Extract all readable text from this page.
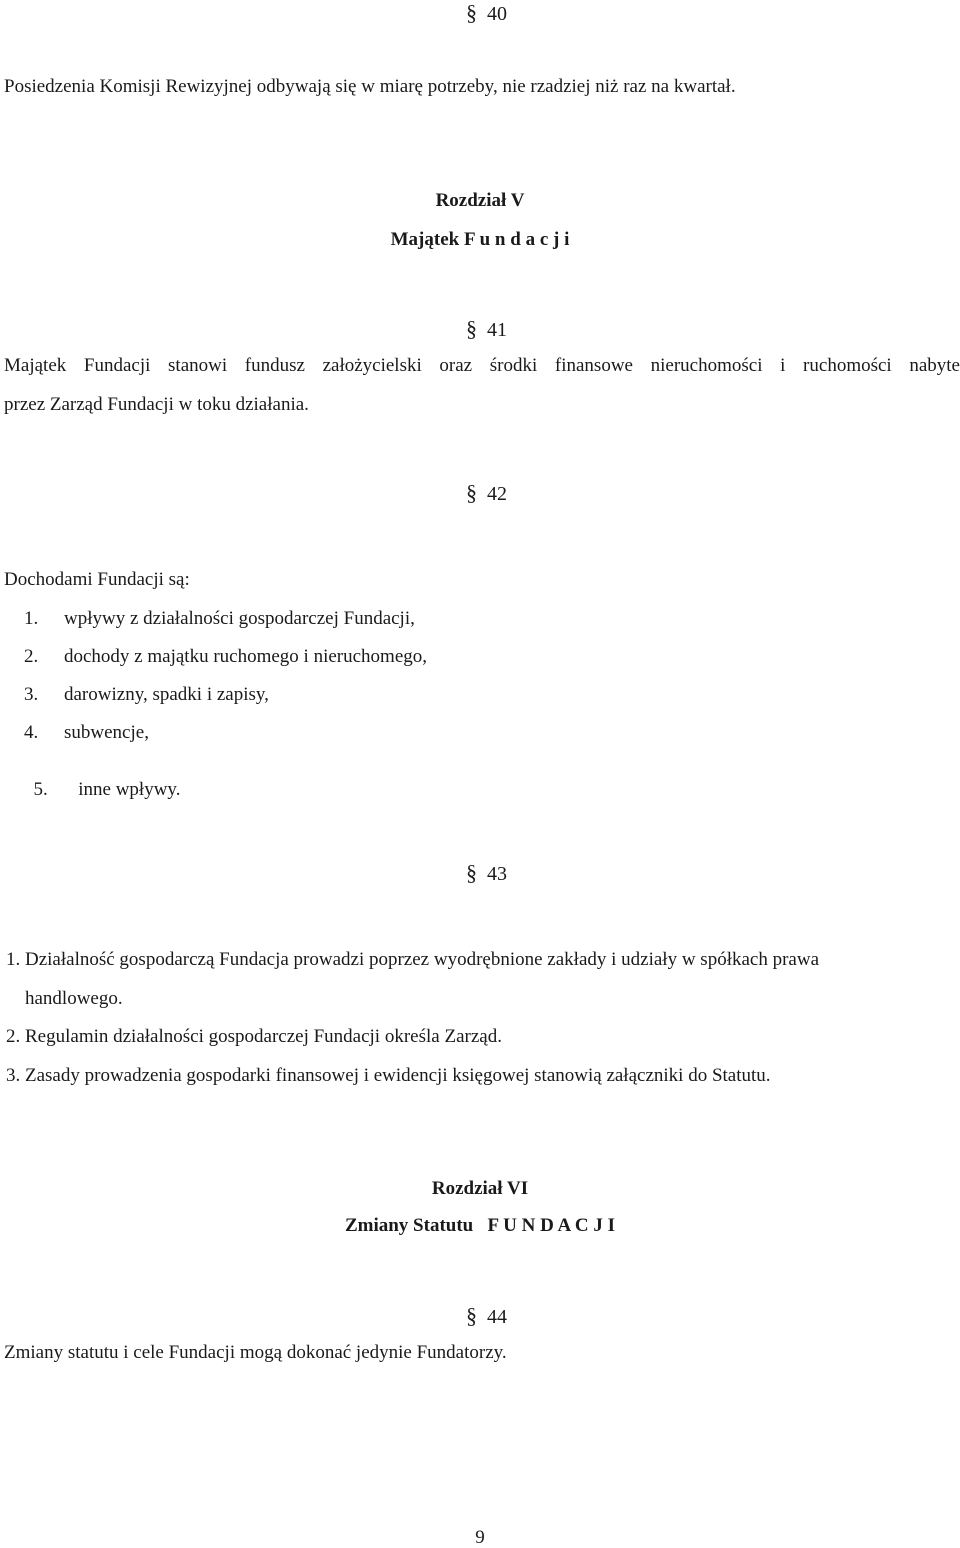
§ 40
Posiedzenia Komisji Rewizyjnej odbywają się w miarę potrzeby, nie rzadziej niż raz na kwartał.
Rozdział V
Majątek F u n d a c j i
§ 41
Majątek Fundacji stanowi fundusz założycielski oraz środki finansowe nieruchomości i ruchomości nabyte
przez Zarząd Fundacji w toku działania.
§ 42
Dochodami Fundacji są:
1. wpływy z działalności gospodarczej Fundacji,
2. dochody z majątku ruchomego i nieruchomego,
3. darowizny, spadki i zapisy,
4. subwencje,

5. inne wpływy.

§ 43
1. Działalność gospodarczą Fundacja prowadzi poprzez wyodrębnione zakłady i udziały w spółkach prawa
handlowego.
2. Regulamin działalności gospodarczej Fundacji określa Zarząd.
3. Zasady prowadzenia gospodarki finansowej i ewidencji księgowej stanowią załączniki do Statutu.
Rozdział VI
Zmiany Statutu   F U N D A C J I
§ 44
Zmiany statutu i cele Fundacji mogą dokonać jedynie Fundatorzy.
9
